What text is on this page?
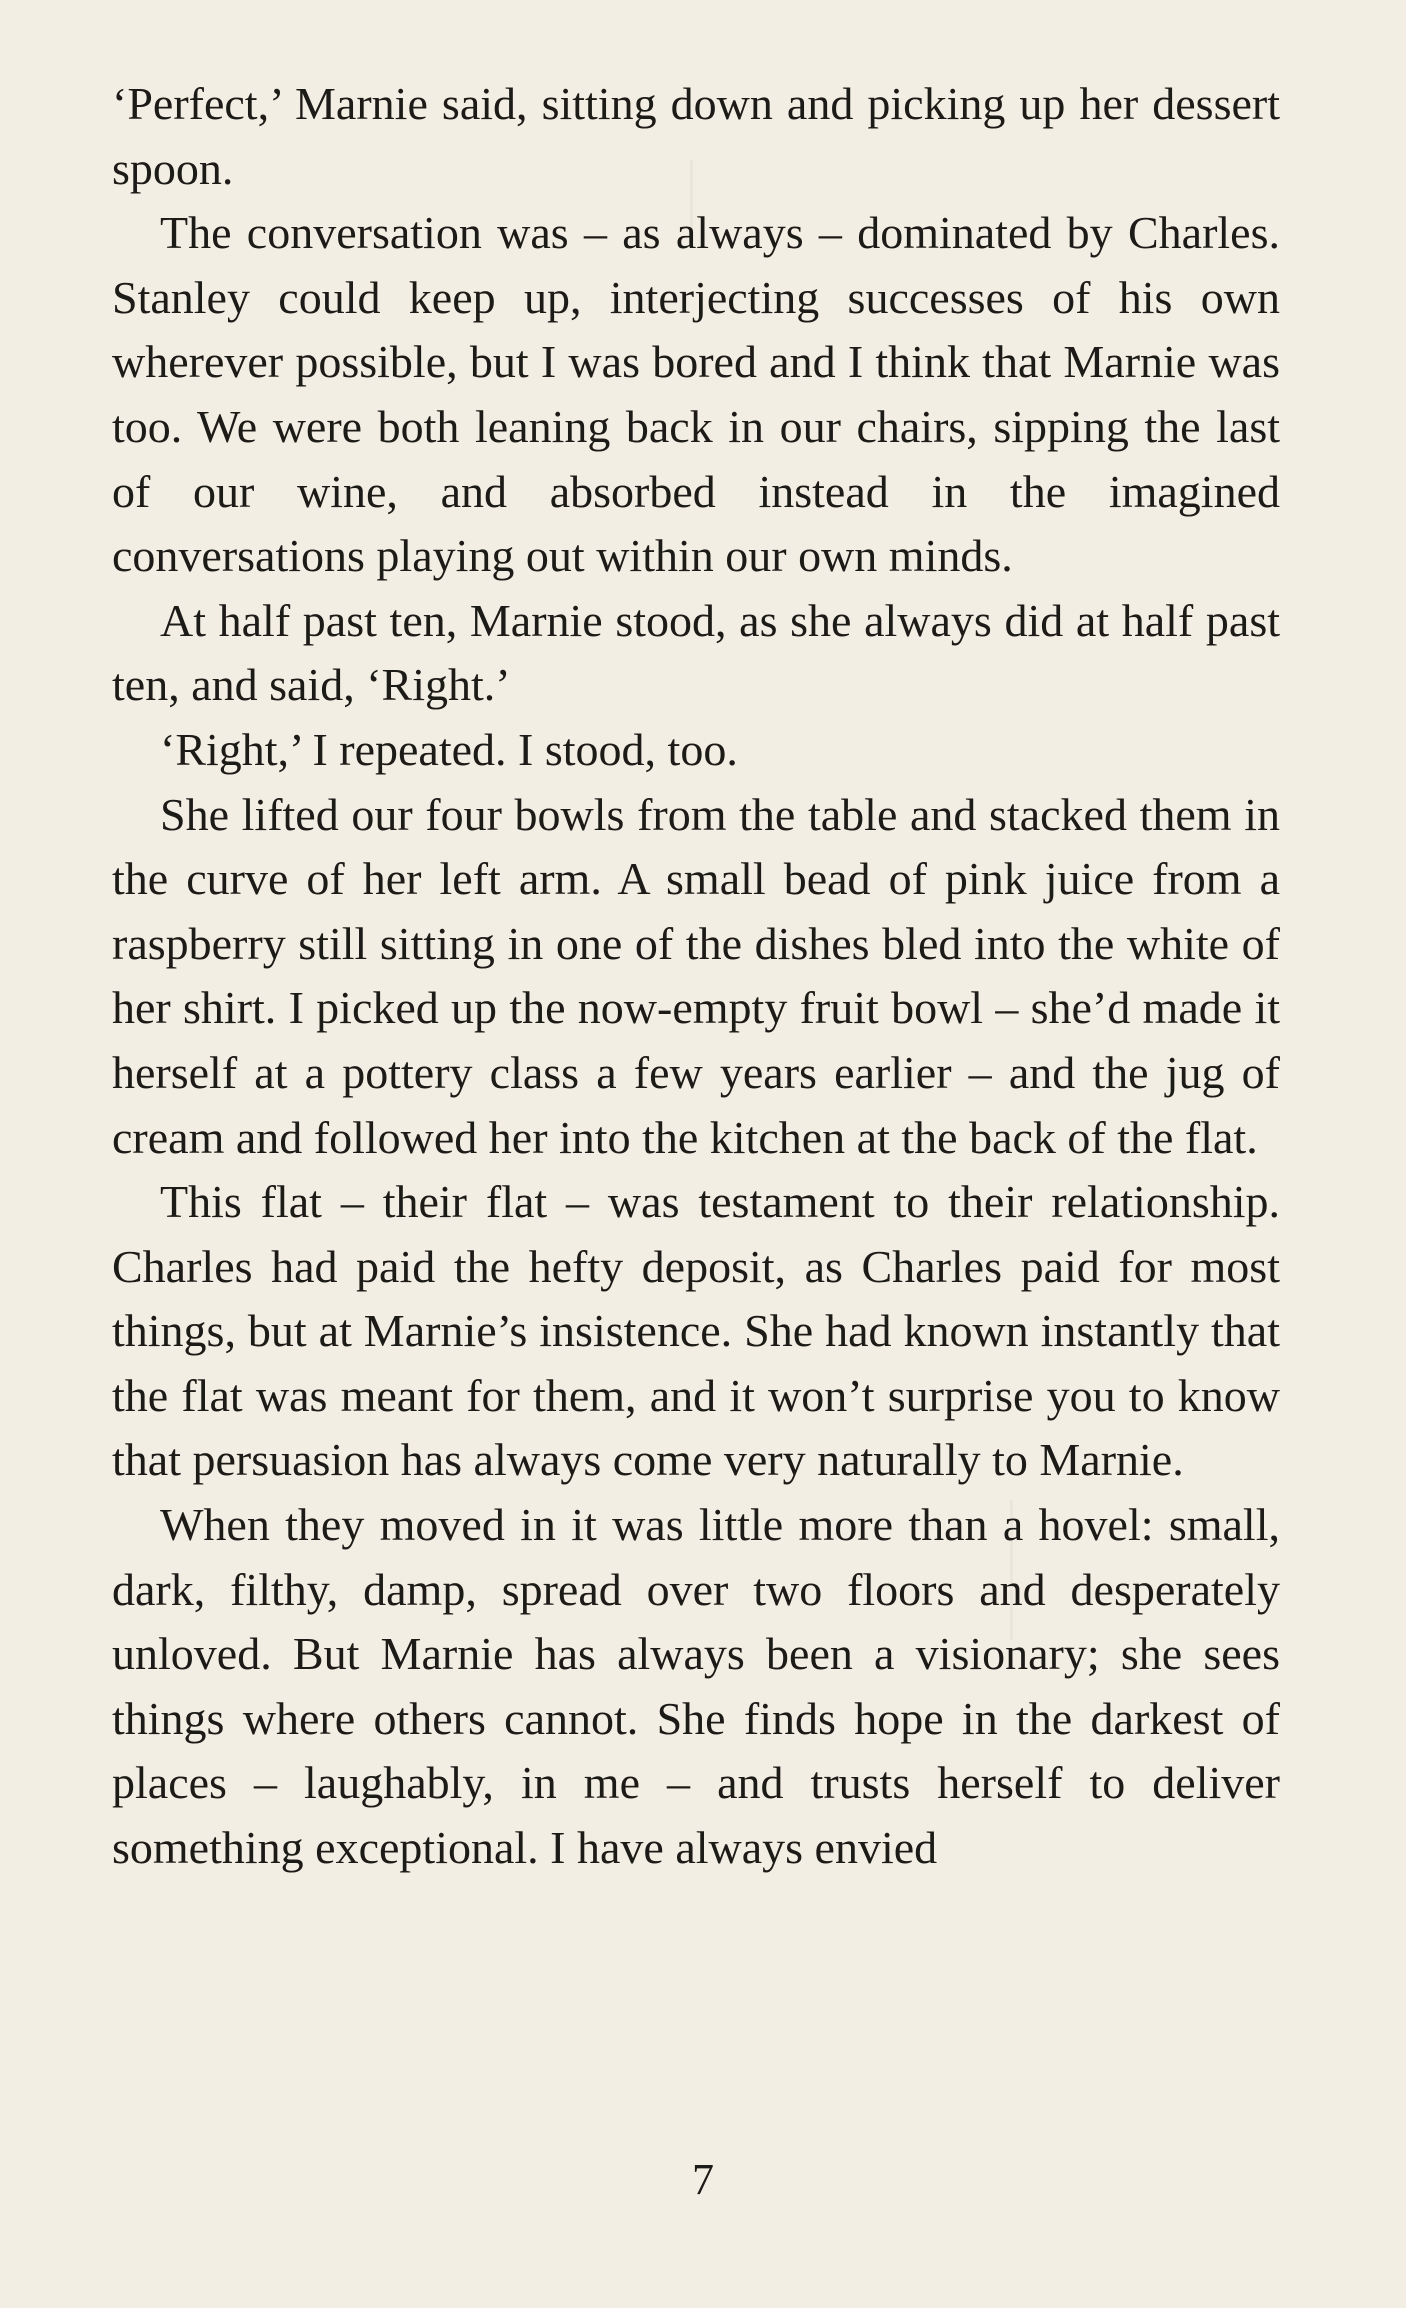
‘Perfect,’ Marnie said, sitting down and picking up her dessert spoon.

The conversation was – as always – dominated by Charles. Stanley could keep up, interjecting successes of his own wherever possible, but I was bored and I think that Marnie was too. We were both leaning back in our chairs, sipping the last of our wine, and absorbed instead in the imagined conversations playing out within our own minds.

At half past ten, Marnie stood, as she always did at half past ten, and said, ‘Right.’

‘Right,’ I repeated. I stood, too.

She lifted our four bowls from the table and stacked them in the curve of her left arm. A small bead of pink juice from a raspberry still sitting in one of the dishes bled into the white of her shirt. I picked up the now-empty fruit bowl – she’d made it herself at a pottery class a few years earlier – and the jug of cream and followed her into the kitchen at the back of the flat.

This flat – their flat – was testament to their relationship. Charles had paid the hefty deposit, as Charles paid for most things, but at Marnie’s insistence. She had known instantly that the flat was meant for them, and it won’t surprise you to know that persuasion has always come very naturally to Marnie.

When they moved in it was little more than a hovel: small, dark, filthy, damp, spread over two floors and desperately unloved. But Marnie has always been a visionary; she sees things where others cannot. She finds hope in the darkest of places – laughably, in me – and trusts herself to deliver something exceptional. I have always envied

7
